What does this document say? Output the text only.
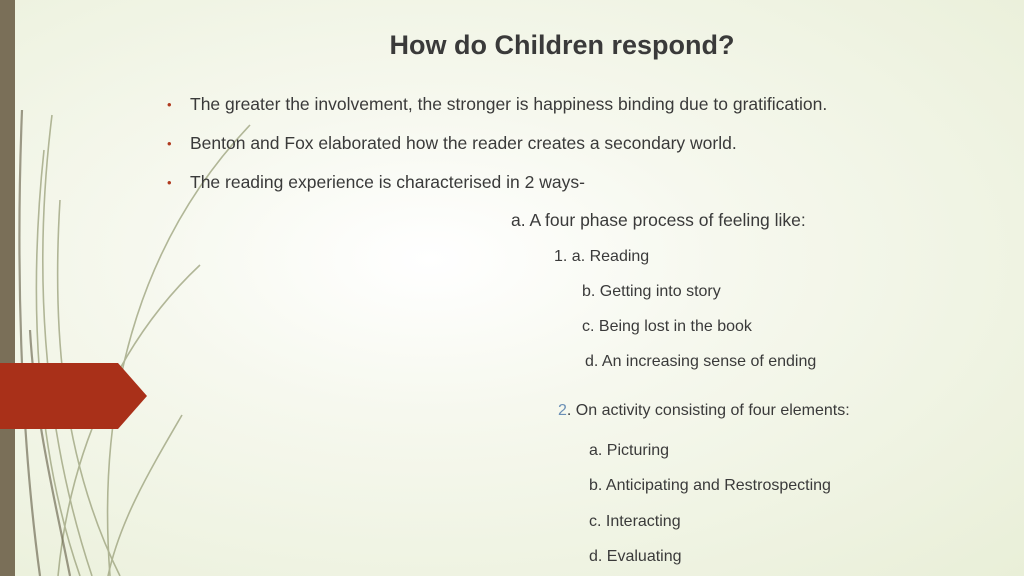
How do Children respond?
• The greater the involvement, the stronger is happiness binding due to gratification.
• Benton and Fox elaborated how the reader creates a secondary world.
• The reading experience is characterised in 2 ways-
a. A four phase process of feeling like:
1. a. Reading
b. Getting into story
c. Being lost in the book
d. An increasing sense of ending
2. On activity consisting of four elements:
a. Picturing
b. Anticipating and Restrospecting
c. Interacting
d. Evaluating
